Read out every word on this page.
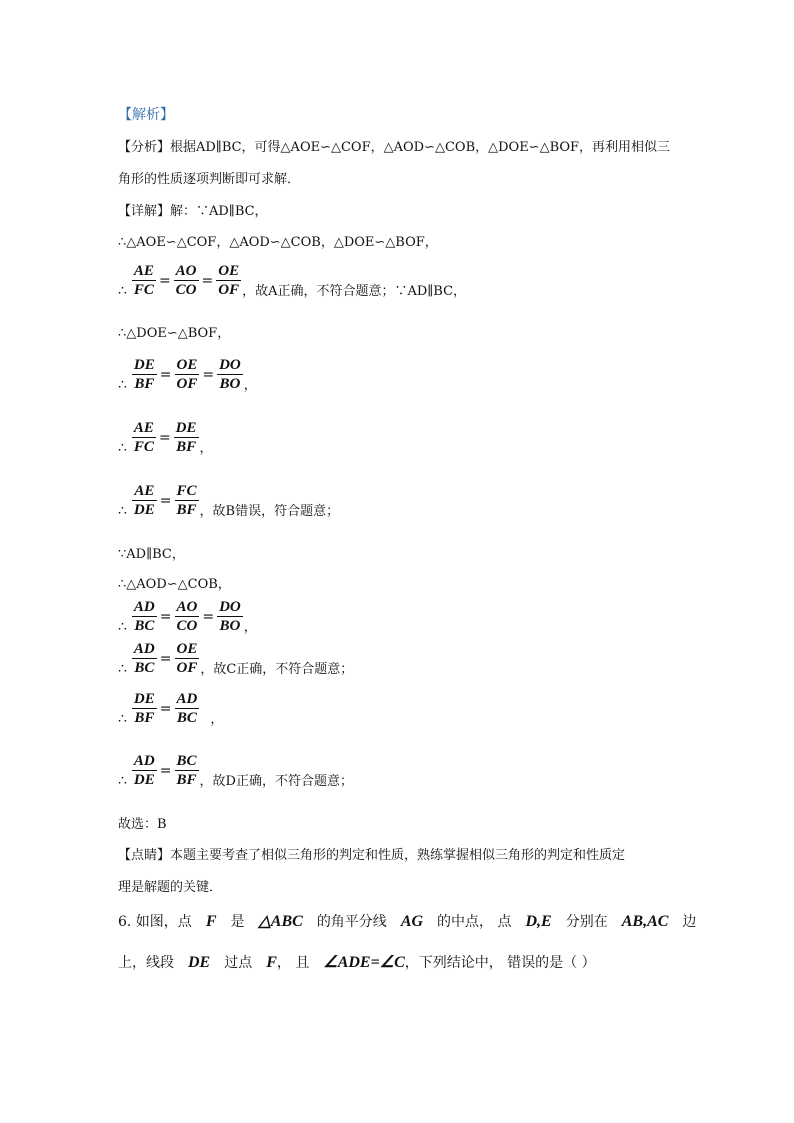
【解析】
【分析】根据AD∥BC，可得△AOE∽△COF，△AOD∽△COB，△DOE∽△BOF，再利用相似三
角形的性质逐项判断即可求解．
【详解】解：∵AD∥BC，
∴△AOE∽△COF，△AOD∽△COB，△DOE∽△BOF，
∴ $\frac{AE}{FC} = \frac{AO}{CO} = \frac{OE}{OF}$ ，故A正确，不符合题意；∵AD∥BC，
∴△DOE∽△BOF，
∴ $\frac{DE}{BF} = \frac{OE}{OF} = \frac{DO}{BO}$ ，
∴ $\frac{AE}{FC} = \frac{DE}{BF}$ ，
∴ $\frac{AE}{DE} = \frac{FC}{BF}$ ，故B错误，符合题意；
∵AD∥BC，
∴△AOD∽△COB，
∴ $\frac{AD}{BC} = \frac{AO}{CO} = \frac{DO}{BO}$ ，
∴ $\frac{AD}{BC} = \frac{OE}{OF}$ ，故C正确，不符合题意；
∴ $\frac{DE}{BF} = \frac{AD}{BC}$ ，
∴ $\frac{AD}{DE} = \frac{BC}{BF}$ ，故D正确，不符合题意；
故选：B
【点睛】本题主要考查了相似三角形的判定和性质，熟练掌握相似三角形的判定和性质定
理是解题的关键．
6. 如图，点 F 是 △ABC 的角平分线 AG 的中点， 点 D,E 分别在 AB,AC 边
上，线段 DE 过点 F， 且 ∠ADE=∠C，下列结论中， 错误的是（ ）
